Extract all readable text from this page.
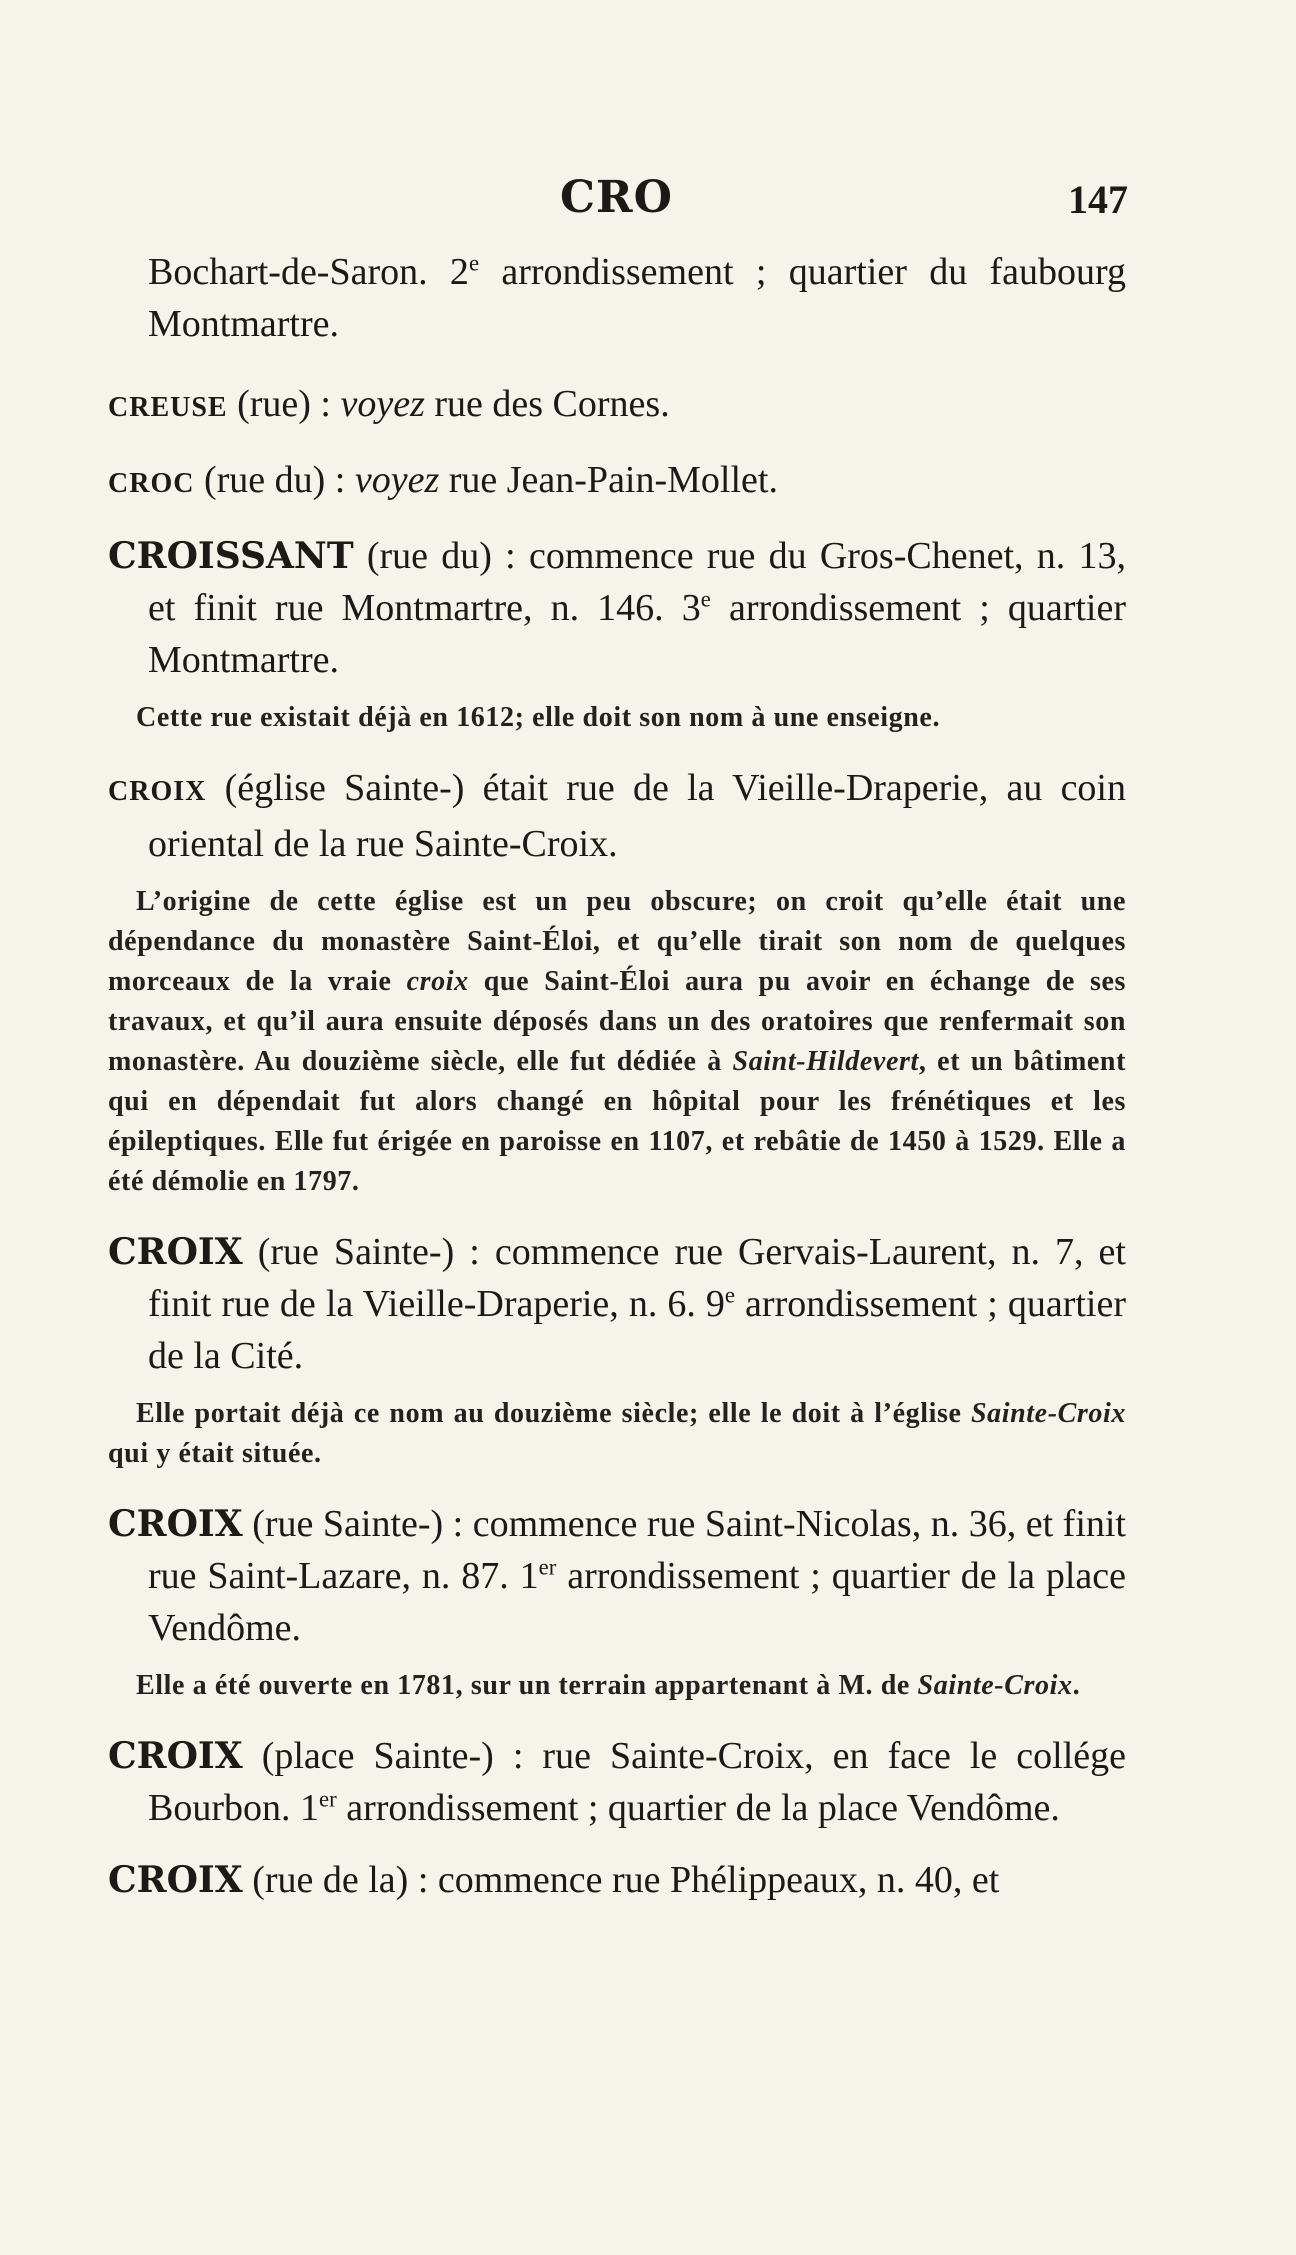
CRO	147

Bochart-de-Saron. 2e arrondissement ; quartier du faubourg Montmartre.

CREUSE (rue) : voyez rue des Cornes.

CROC (rue du) : voyez rue Jean-Pain-Mollet.

CROISSANT (rue du) : commence rue du Gros-Chenet, n. 13, et finit rue Montmartre, n. 146. 3e arrondissement ; quartier Montmartre.

Cette rue existait déjà en 1612; elle doit son nom à une enseigne.

CROIX (église Sainte-) était rue de la Vieille-Draperie, au coin oriental de la rue Sainte-Croix.

L’origine de cette église est un peu obscure; on croit qu’elle était une dépendance du monastère Saint-Éloi, et qu’elle tirait son nom de quelques morceaux de la vraie croix que Saint-Éloi aura pu avoir en échange de ses travaux, et qu’il aura ensuite déposés dans un des oratoires que renfermait son monastère. Au douzième siècle, elle fut dédiée à Saint-Hildevert, et un bâtiment qui en dépendait fut alors changé en hôpital pour les frénétiques et les épileptiques. Elle fut érigée en paroisse en 1107, et rebâtie de 1450 à 1529. Elle a été démolie en 1797.

CROIX (rue Sainte-) : commence rue Gervais-Laurent, n. 7, et finit rue de la Vieille-Draperie, n. 6. 9e arrondissement ; quartier de la Cité.

Elle portait déjà ce nom au douzième siècle; elle le doit à l’église Sainte-Croix qui y était située.

CROIX (rue Sainte-) : commence rue Saint-Nicolas, n. 36, et finit rue Saint-Lazare, n. 87. 1er arrondissement ; quartier de la place Vendôme.

Elle a été ouverte en 1781, sur un terrain appartenant à M. de Sainte-Croix.

CROIX (place Sainte-) : rue Sainte-Croix, en face le collége Bourbon. 1er arrondissement ; quartier de la place Vendôme.

CROIX (rue de la) : commence rue Phélippeaux, n. 40, et
